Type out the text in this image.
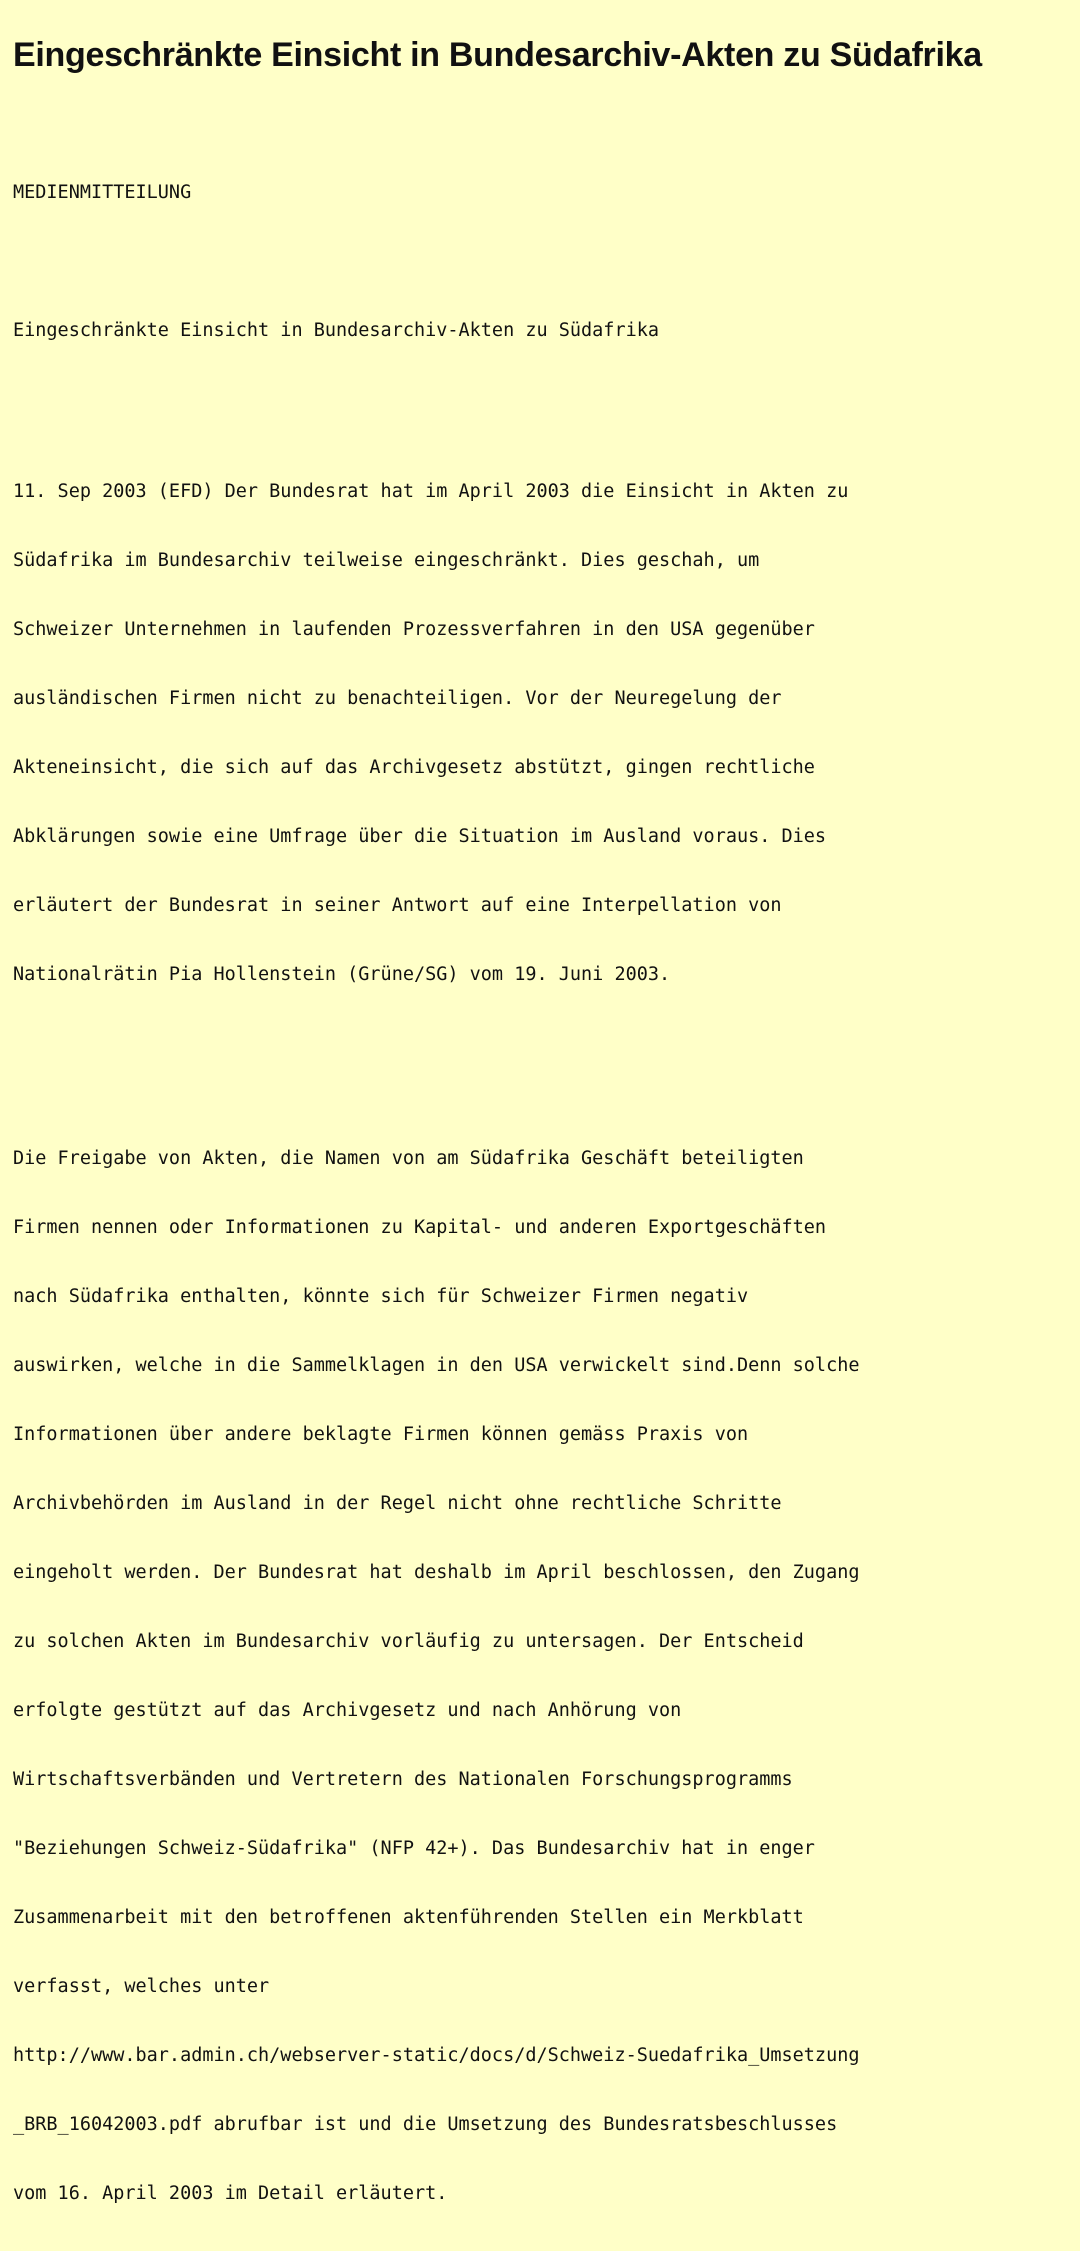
Eingeschränkte Einsicht in Bundesarchiv-Akten zu Südafrika

MEDIENMITTEILUNG

Eingeschränkte Einsicht in Bundesarchiv-Akten zu Südafrika

11. Sep 2003 (EFD) Der Bundesrat hat im April 2003 die Einsicht in Akten zu

Südafrika im Bundesarchiv teilweise eingeschränkt. Dies geschah, um

Schweizer Unternehmen in laufenden Prozessverfahren in den USA gegenüber

ausländischen Firmen nicht zu benachteiligen. Vor der Neuregelung der

Akteneinsicht, die sich auf das Archivgesetz abstützt, gingen rechtliche

Abklärungen sowie eine Umfrage über die Situation im Ausland voraus. Dies

erläutert der Bundesrat in seiner Antwort auf eine Interpellation von

Nationalrätin Pia Hollenstein (Grüne/SG) vom 19. Juni 2003.

Die Freigabe von Akten, die Namen von am Südafrika Geschäft beteiligten

Firmen nennen oder Informationen zu Kapital- und anderen Exportgeschäften

nach Südafrika enthalten, könnte sich für Schweizer Firmen negativ

auswirken, welche in die Sammelklagen in den USA verwickelt sind.Denn solche

Informationen über andere beklagte Firmen können gemäss Praxis von

Archivbehörden im Ausland in der Regel nicht ohne rechtliche Schritte

eingeholt werden. Der Bundesrat hat deshalb im April beschlossen, den Zugang

zu solchen Akten im Bundesarchiv vorläufig zu untersagen. Der Entscheid

erfolgte gestützt auf das Archivgesetz und nach Anhörung von

Wirtschaftsverbänden und Vertretern des Nationalen Forschungsprogramms

"Beziehungen Schweiz-Südafrika" (NFP 42+). Das Bundesarchiv hat in enger

Zusammenarbeit mit den betroffenen aktenführenden Stellen ein Merkblatt

verfasst, welches unter

http://www.bar.admin.ch/webserver-static/docs/d/Schweiz-Suedafrika_Umsetzung

_BRB_16042003.pdf abrufbar ist und die Umsetzung des Bundesratsbeschlusses

vom 16. April 2003 im Detail erläutert.
